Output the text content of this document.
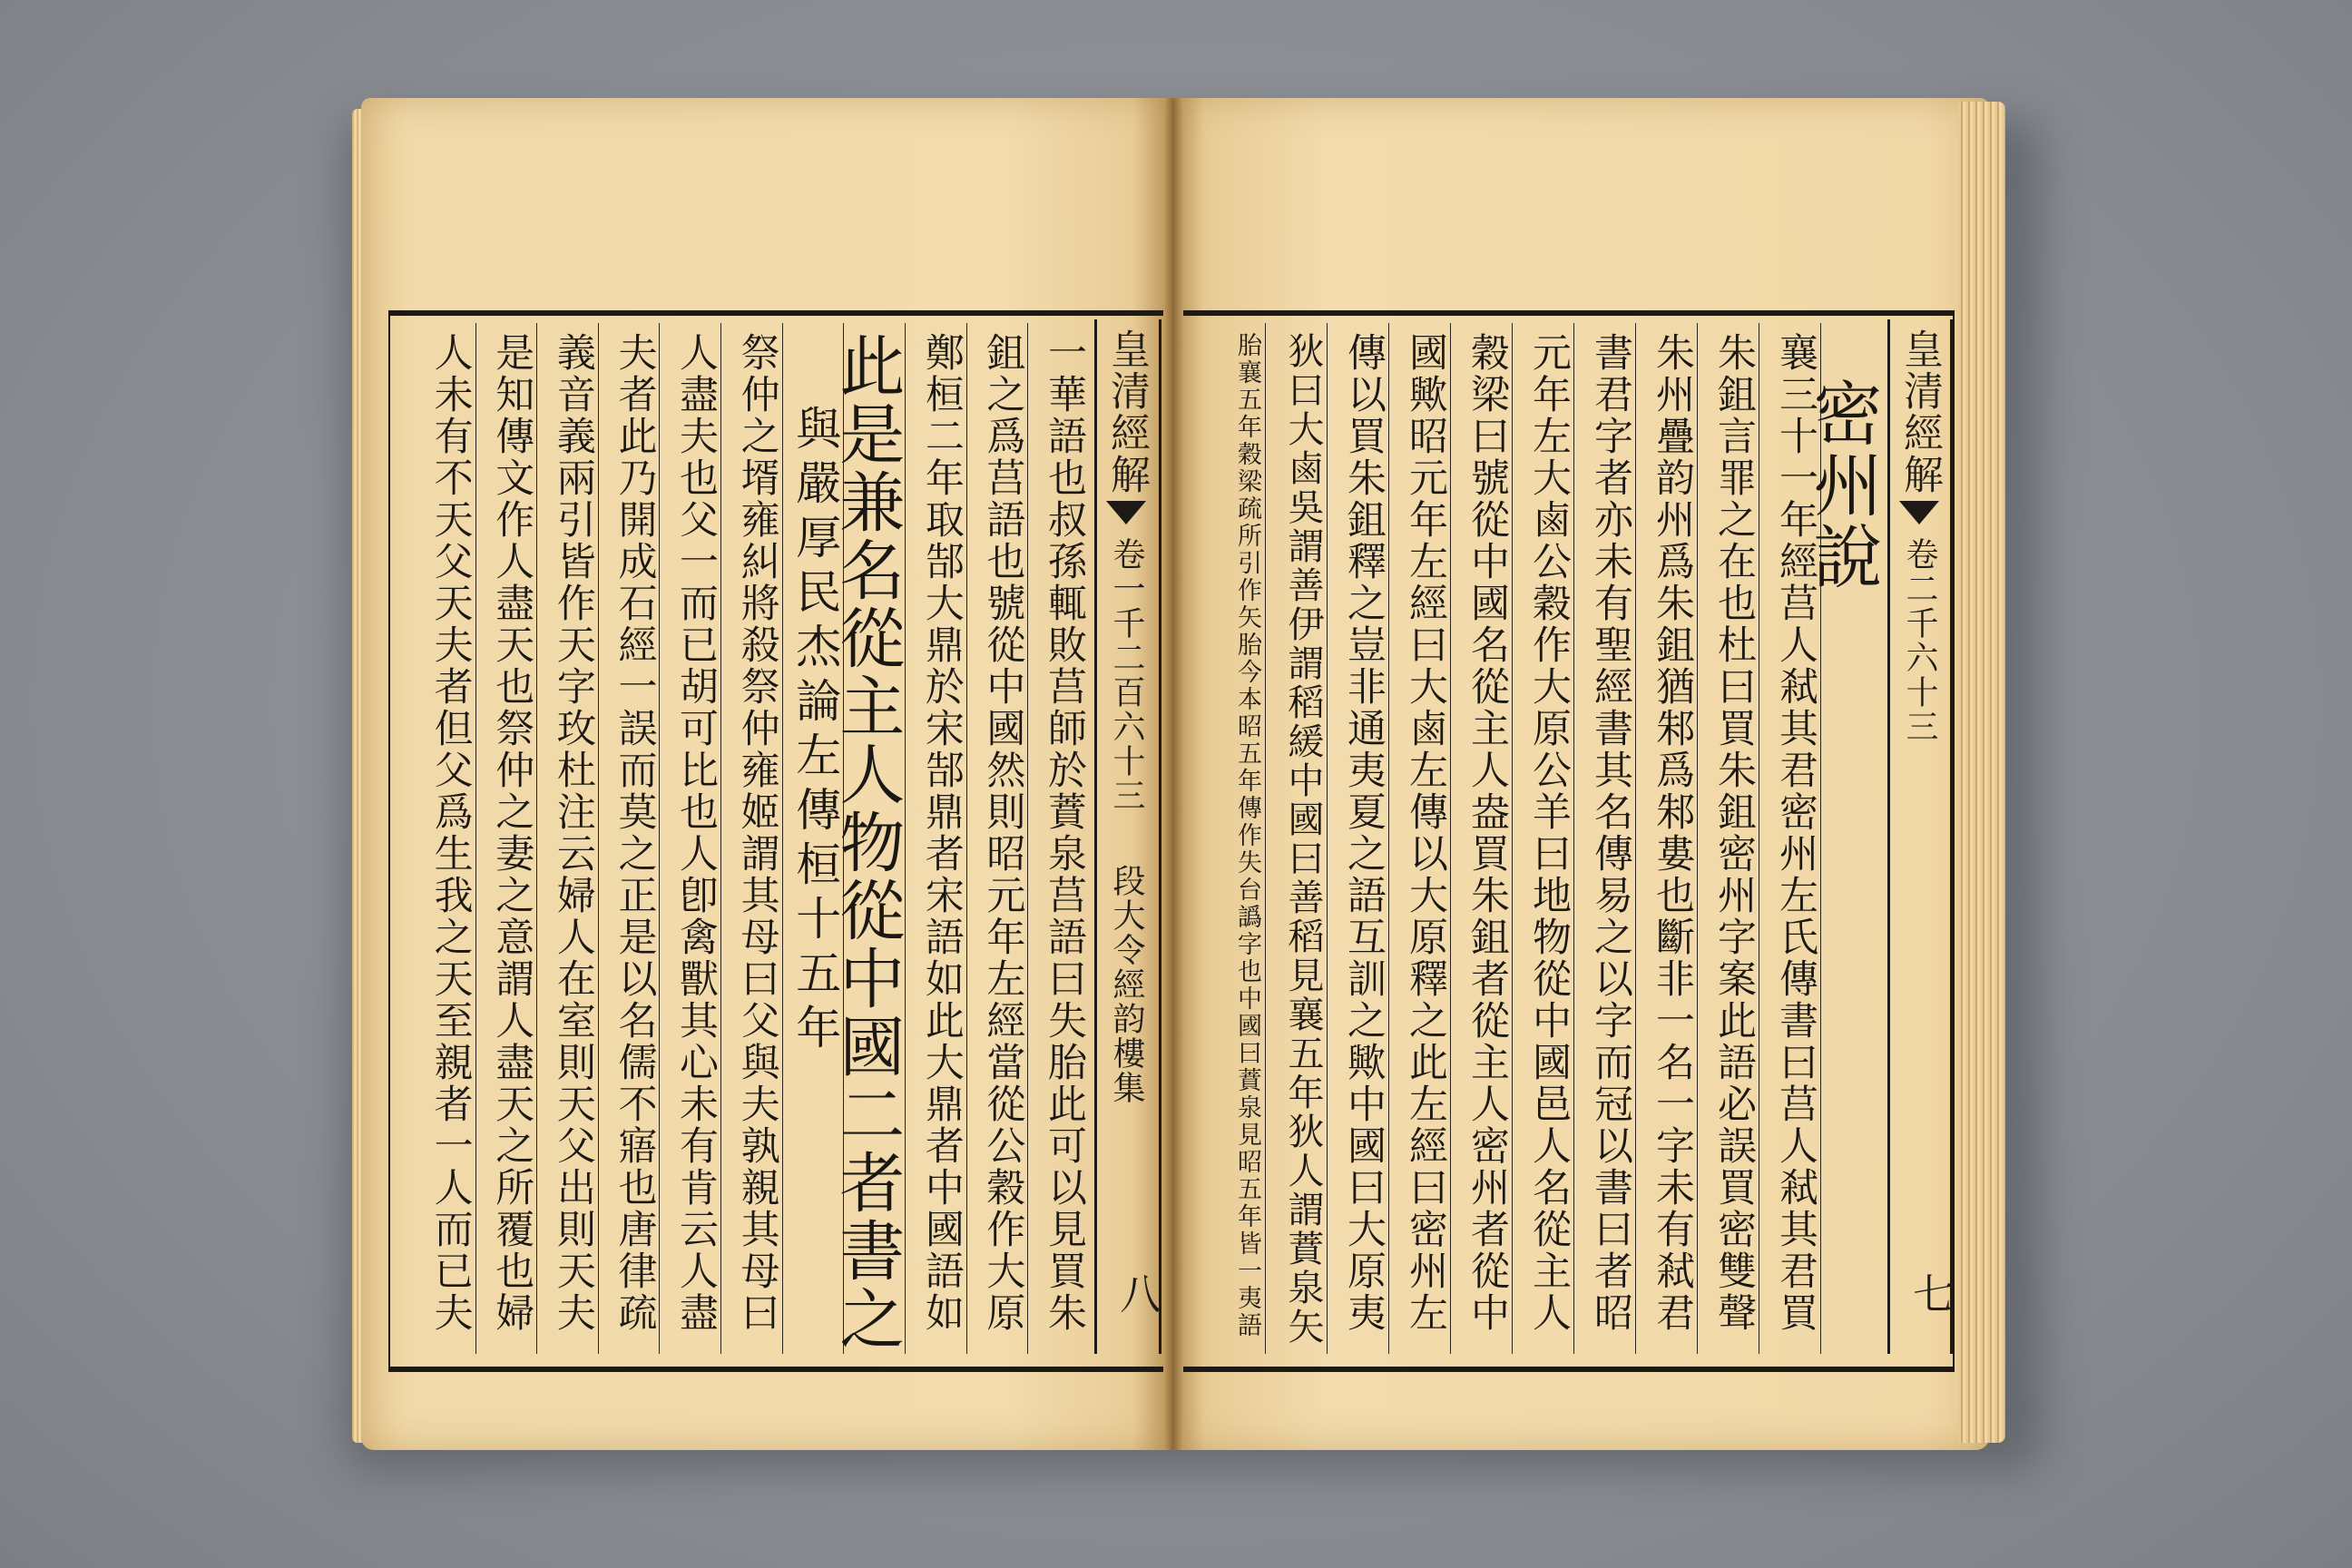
皇清經解
卷一千二百六十三
段大令經韵樓集
八
一華語也叔孫輒敗莒師於蕡泉莒語曰失胎此可以見買朱
鉏之爲莒語也號從中國然則昭元年左經當從公穀作大原
鄭桓二年取郜大鼎於宋郜鼎者宋語如此大鼎者中國語如
此是兼名從主人物從中國二者書之
與嚴厚民杰論左傳桓十五年
祭仲之壻雍糾將殺祭仲雍姬謂其母曰父與夫孰親其母曰
人盡夫也父一而已胡可比也人卽禽獸其心未有肯云人盡
夫者此乃開成石經一誤而莫之正是以名儒不寤也唐律疏
義音義兩引皆作天字玫杜注云婦人在室則天父出則天夫
是知傳文作人盡天也祭仲之妻之意謂人盡天之所覆也婦
人未有不天父天夫者但父爲生我之天至親者一人而已夫	皇清經解
卷二千六十三
七
密州說
襄三十一年經莒人弒其君密州左氏傳書曰莒人弒其君買
朱鉏言罪之在也杜曰買朱鉏密州字案此語必誤買密雙聲
朱州疊韵州爲朱鉏猶邾爲邾婁也斷非一名一字未有弒君
書君字者亦未有聖經書其名傳易之以字而冠以書曰者昭
元年左大鹵公穀作大原公羊曰地物從中國邑人名從主人
穀梁曰號從中國名從主人盎買朱鉏者從主人密州者從中
國歟昭元年左經曰大鹵左傳以大原釋之此左經曰密州左
傳以買朱鉏釋之豈非通夷夏之語互訓之歟中國曰大原夷
狄曰大鹵吳謂善伊謂稻緩中國曰善稻見襄五年狄人謂蕡泉矢
胎襄五年穀梁疏所引作矢胎今本昭五年傳作失台譌字也中國曰蕡泉見昭五年皆一夷語
